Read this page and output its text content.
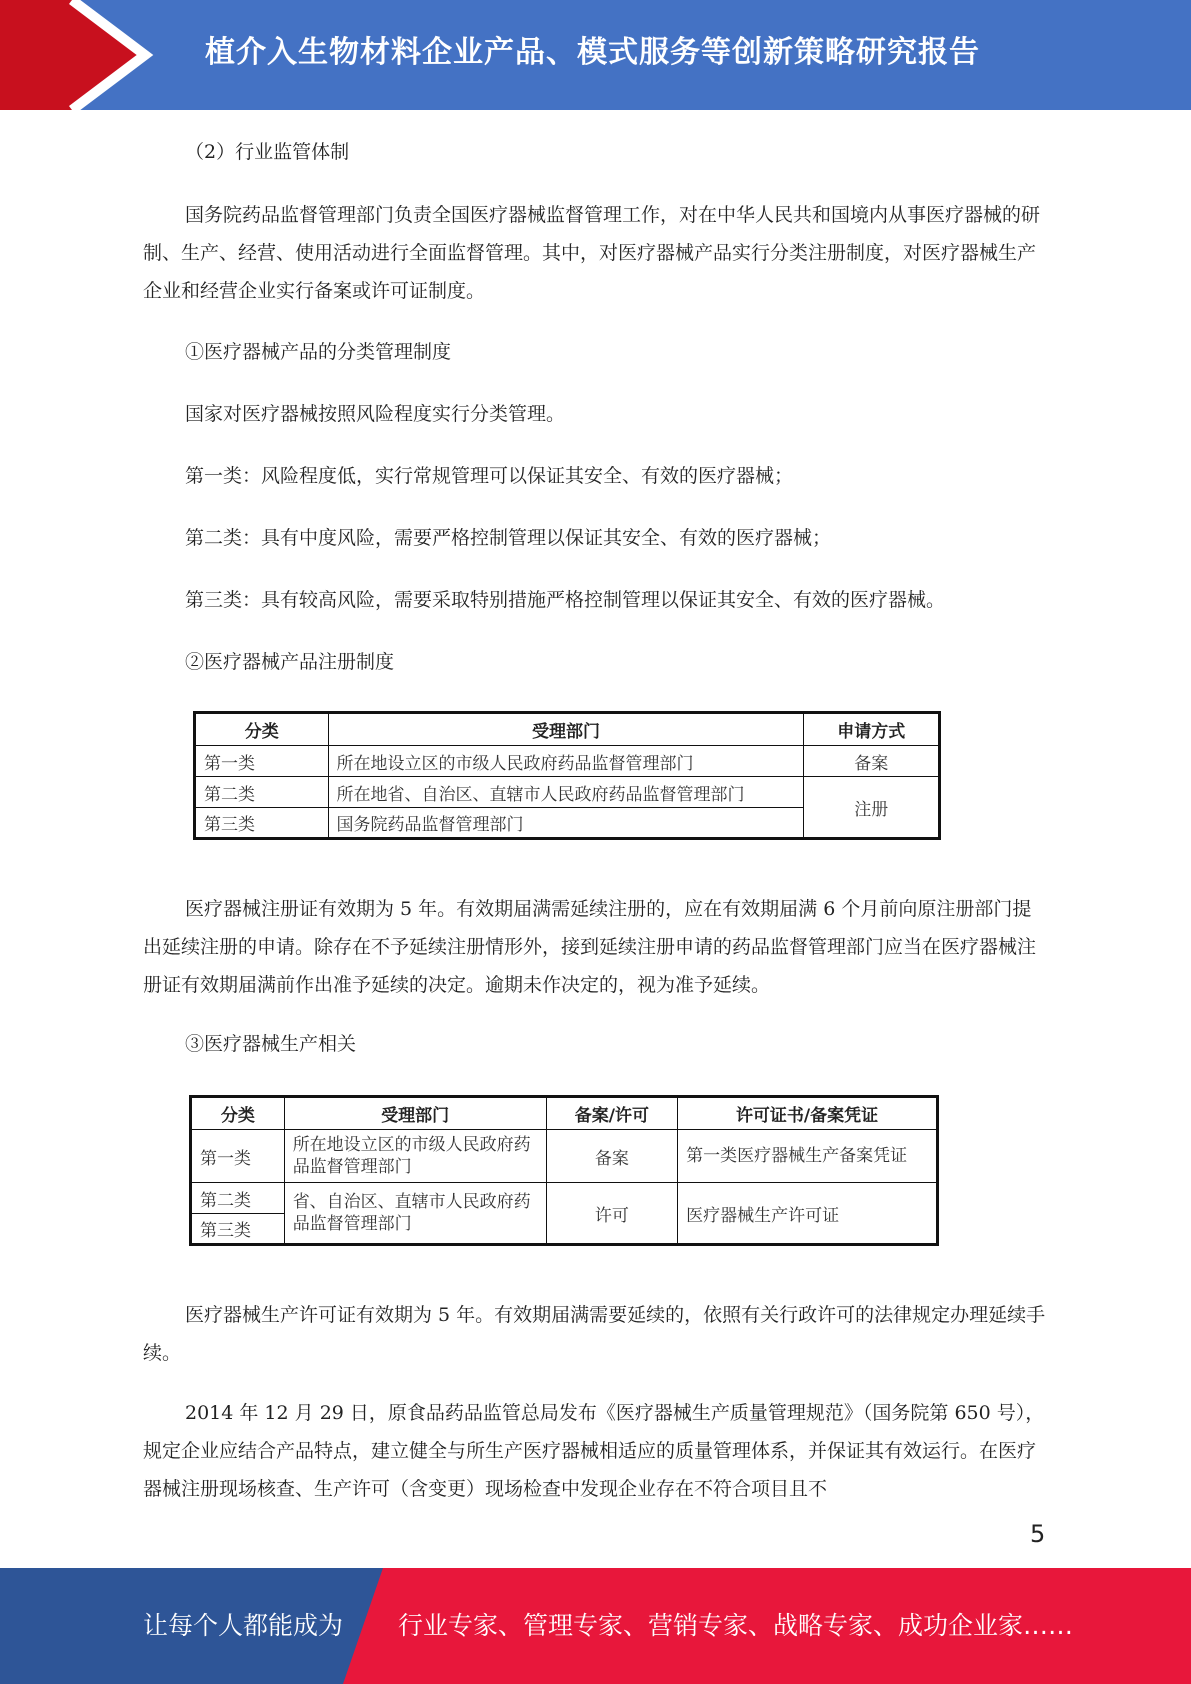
植介入生物材料企业产品、模式服务等创新策略研究报告

（2）行业监管体制

国务院药品监督管理部门负责全国医疗器械监督管理工作，对在中华人民共和国境内从事医疗器械的研制、生产、经营、使用活动进行全面监督管理。其中，对医疗器械产品实行分类注册制度，对医疗器械生产企业和经营企业实行备案或许可证制度。

①医疗器械产品的分类管理制度

国家对医疗器械按照风险程度实行分类管理。

第一类：风险程度低，实行常规管理可以保证其安全、有效的医疗器械；

第二类：具有中度风险，需要严格控制管理以保证其安全、有效的医疗器械；

第三类：具有较高风险，需要采取特别措施严格控制管理以保证其安全、有效的医疗器械。

②医疗器械产品注册制度

分类	受理部门	申请方式
第一类	所在地设立区的市级人民政府药品监督管理部门	备案
第二类	所在地省、自治区、直辖市人民政府药品监督管理部门	注册
第三类	国务院药品监督管理部门	

医疗器械注册证有效期为 5 年。有效期届满需延续注册的，应在有效期届满 6 个月前向原注册部门提出延续注册的申请。除存在不予延续注册情形外，接到延续注册申请的药品监督管理部门应当在医疗器械注册证有效期届满前作出准予延续的决定。逾期未作决定的，视为准予延续。

③医疗器械生产相关

分类	受理部门	备案/许可	许可证书/备案凭证
第一类	所在地设立区的市级人民政府药品监督管理部门	备案	第一类医疗器械生产备案凭证
第二类	省、自治区、直辖市人民政府药品监督管理部门	许可	医疗器械生产许可证
第三类			

医疗器械生产许可证有效期为 5 年。有效期届满需要延续的，依照有关行政许可的法律规定办理延续手续。

2014 年 12 月 29 日，原食品药品监管总局发布《医疗器械生产质量管理规范》（国务院第 650 号），规定企业应结合产品特点，建立健全与所生产医疗器械相适应的质量管理体系，并保证其有效运行。在医疗器械注册现场核查、生产许可（含变更）现场检查中发现企业存在不符合项目且不

5
让每个人都能成为 行业专家、管理专家、营销专家、战略专家、成功企业家……
